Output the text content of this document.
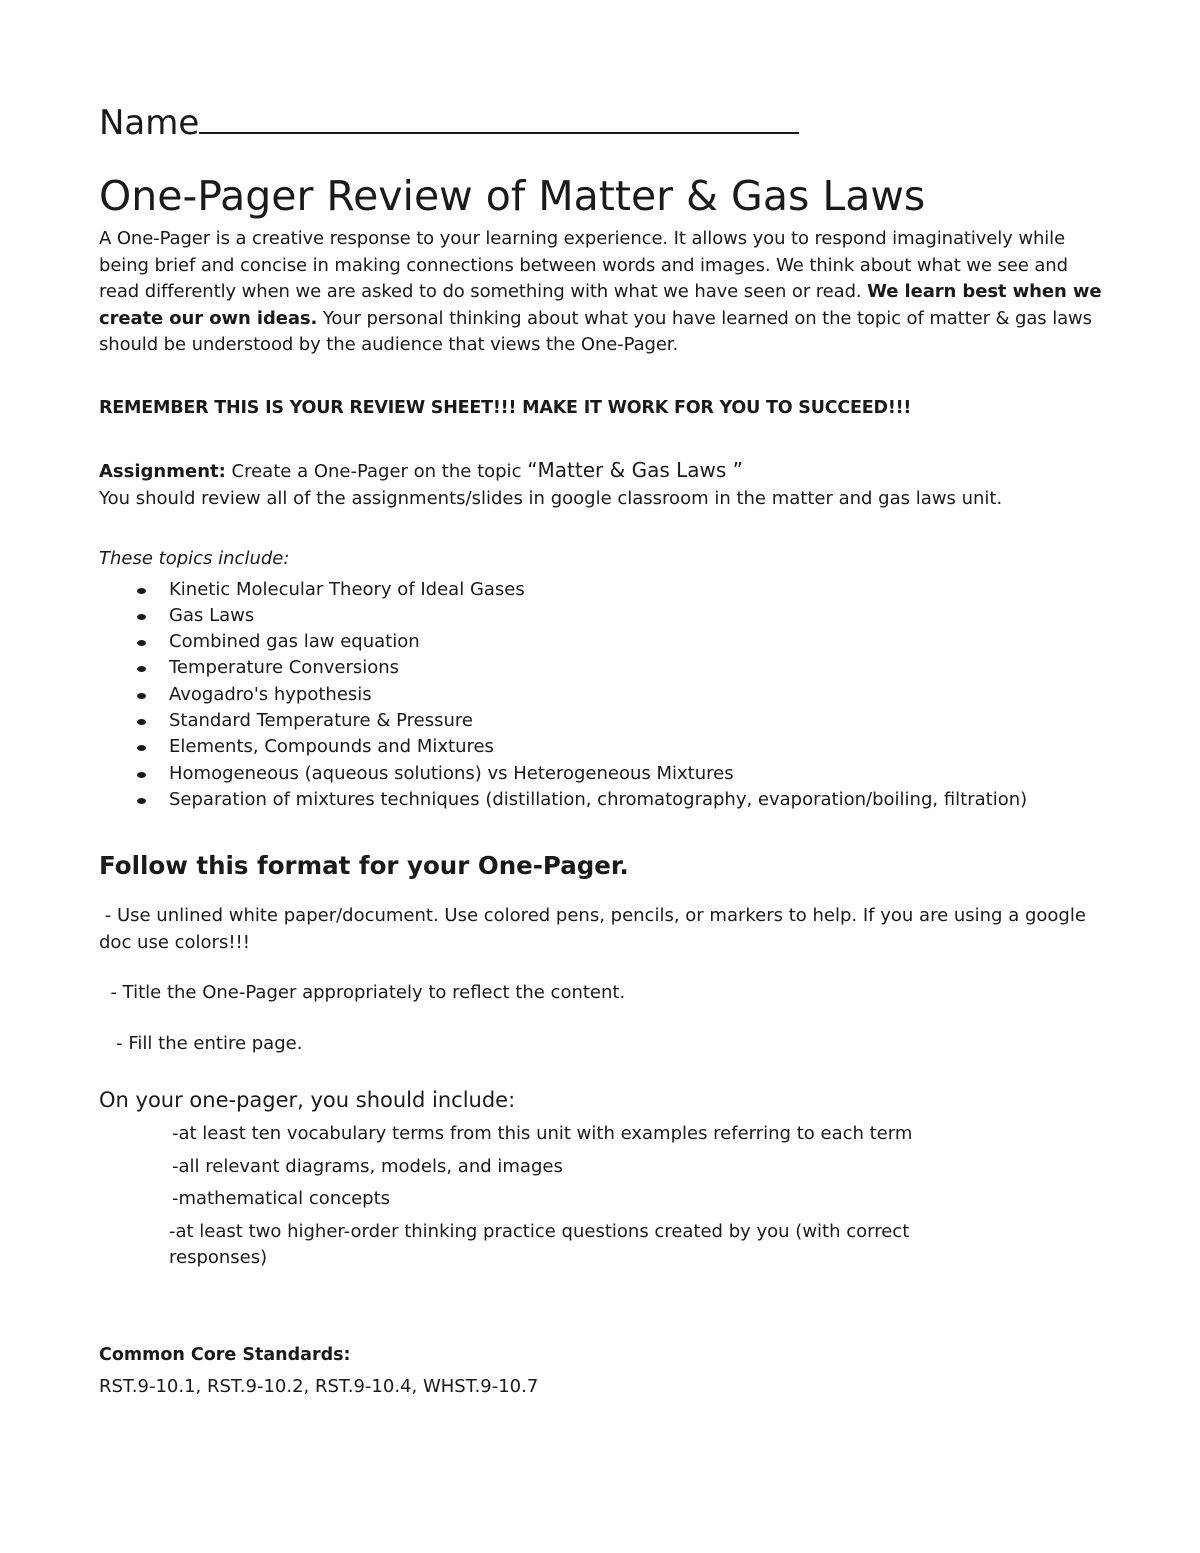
Name

One-Pager Review of Matter & Gas Laws

A One-Pager is a creative response to your learning experience. It allows you to respond imaginatively while being brief and concise in making connections between words and images. We think about what we see and read differently when we are asked to do something with what we have seen or read. We learn best when we create our own ideas. Your personal thinking about what you have learned on the topic of matter & gas laws should be understood by the audience that views the One-Pager.

REMEMBER THIS IS YOUR REVIEW SHEET!!! MAKE IT WORK FOR YOU TO SUCCEED!!!

Assignment: Create a One-Pager on the topic “Matter & Gas Laws ”

You should review all of the assignments/slides in google classroom in the matter and gas laws unit.

These topics include:

Kinetic Molecular Theory of Ideal Gases
Gas Laws
Combined gas law equation
Temperature Conversions
Avogadro's hypothesis
Standard Temperature & Pressure
Elements, Compounds and Mixtures
Homogeneous (aqueous solutions) vs Heterogeneous Mixtures
Separation of mixtures techniques (distillation, chromatography, evaporation/boiling, filtration)
Follow this format for your One-Pager.

- Use unlined white paper/document. Use colored pens, pencils, or markers to help. If you are using a google doc use colors!!!

- Title the One-Pager appropriately to reflect the content.

- Fill the entire page.

On your one-pager, you should include:
-at least ten vocabulary terms from this unit with examples referring to each term
-all relevant diagrams, models, and images
-mathematical concepts
-at least two higher-order thinking practice questions created by you (with correct responses)

Common Core Standards:

RST.9-10.1, RST.9-10.2, RST.9-10.4, WHST.9-10.7
